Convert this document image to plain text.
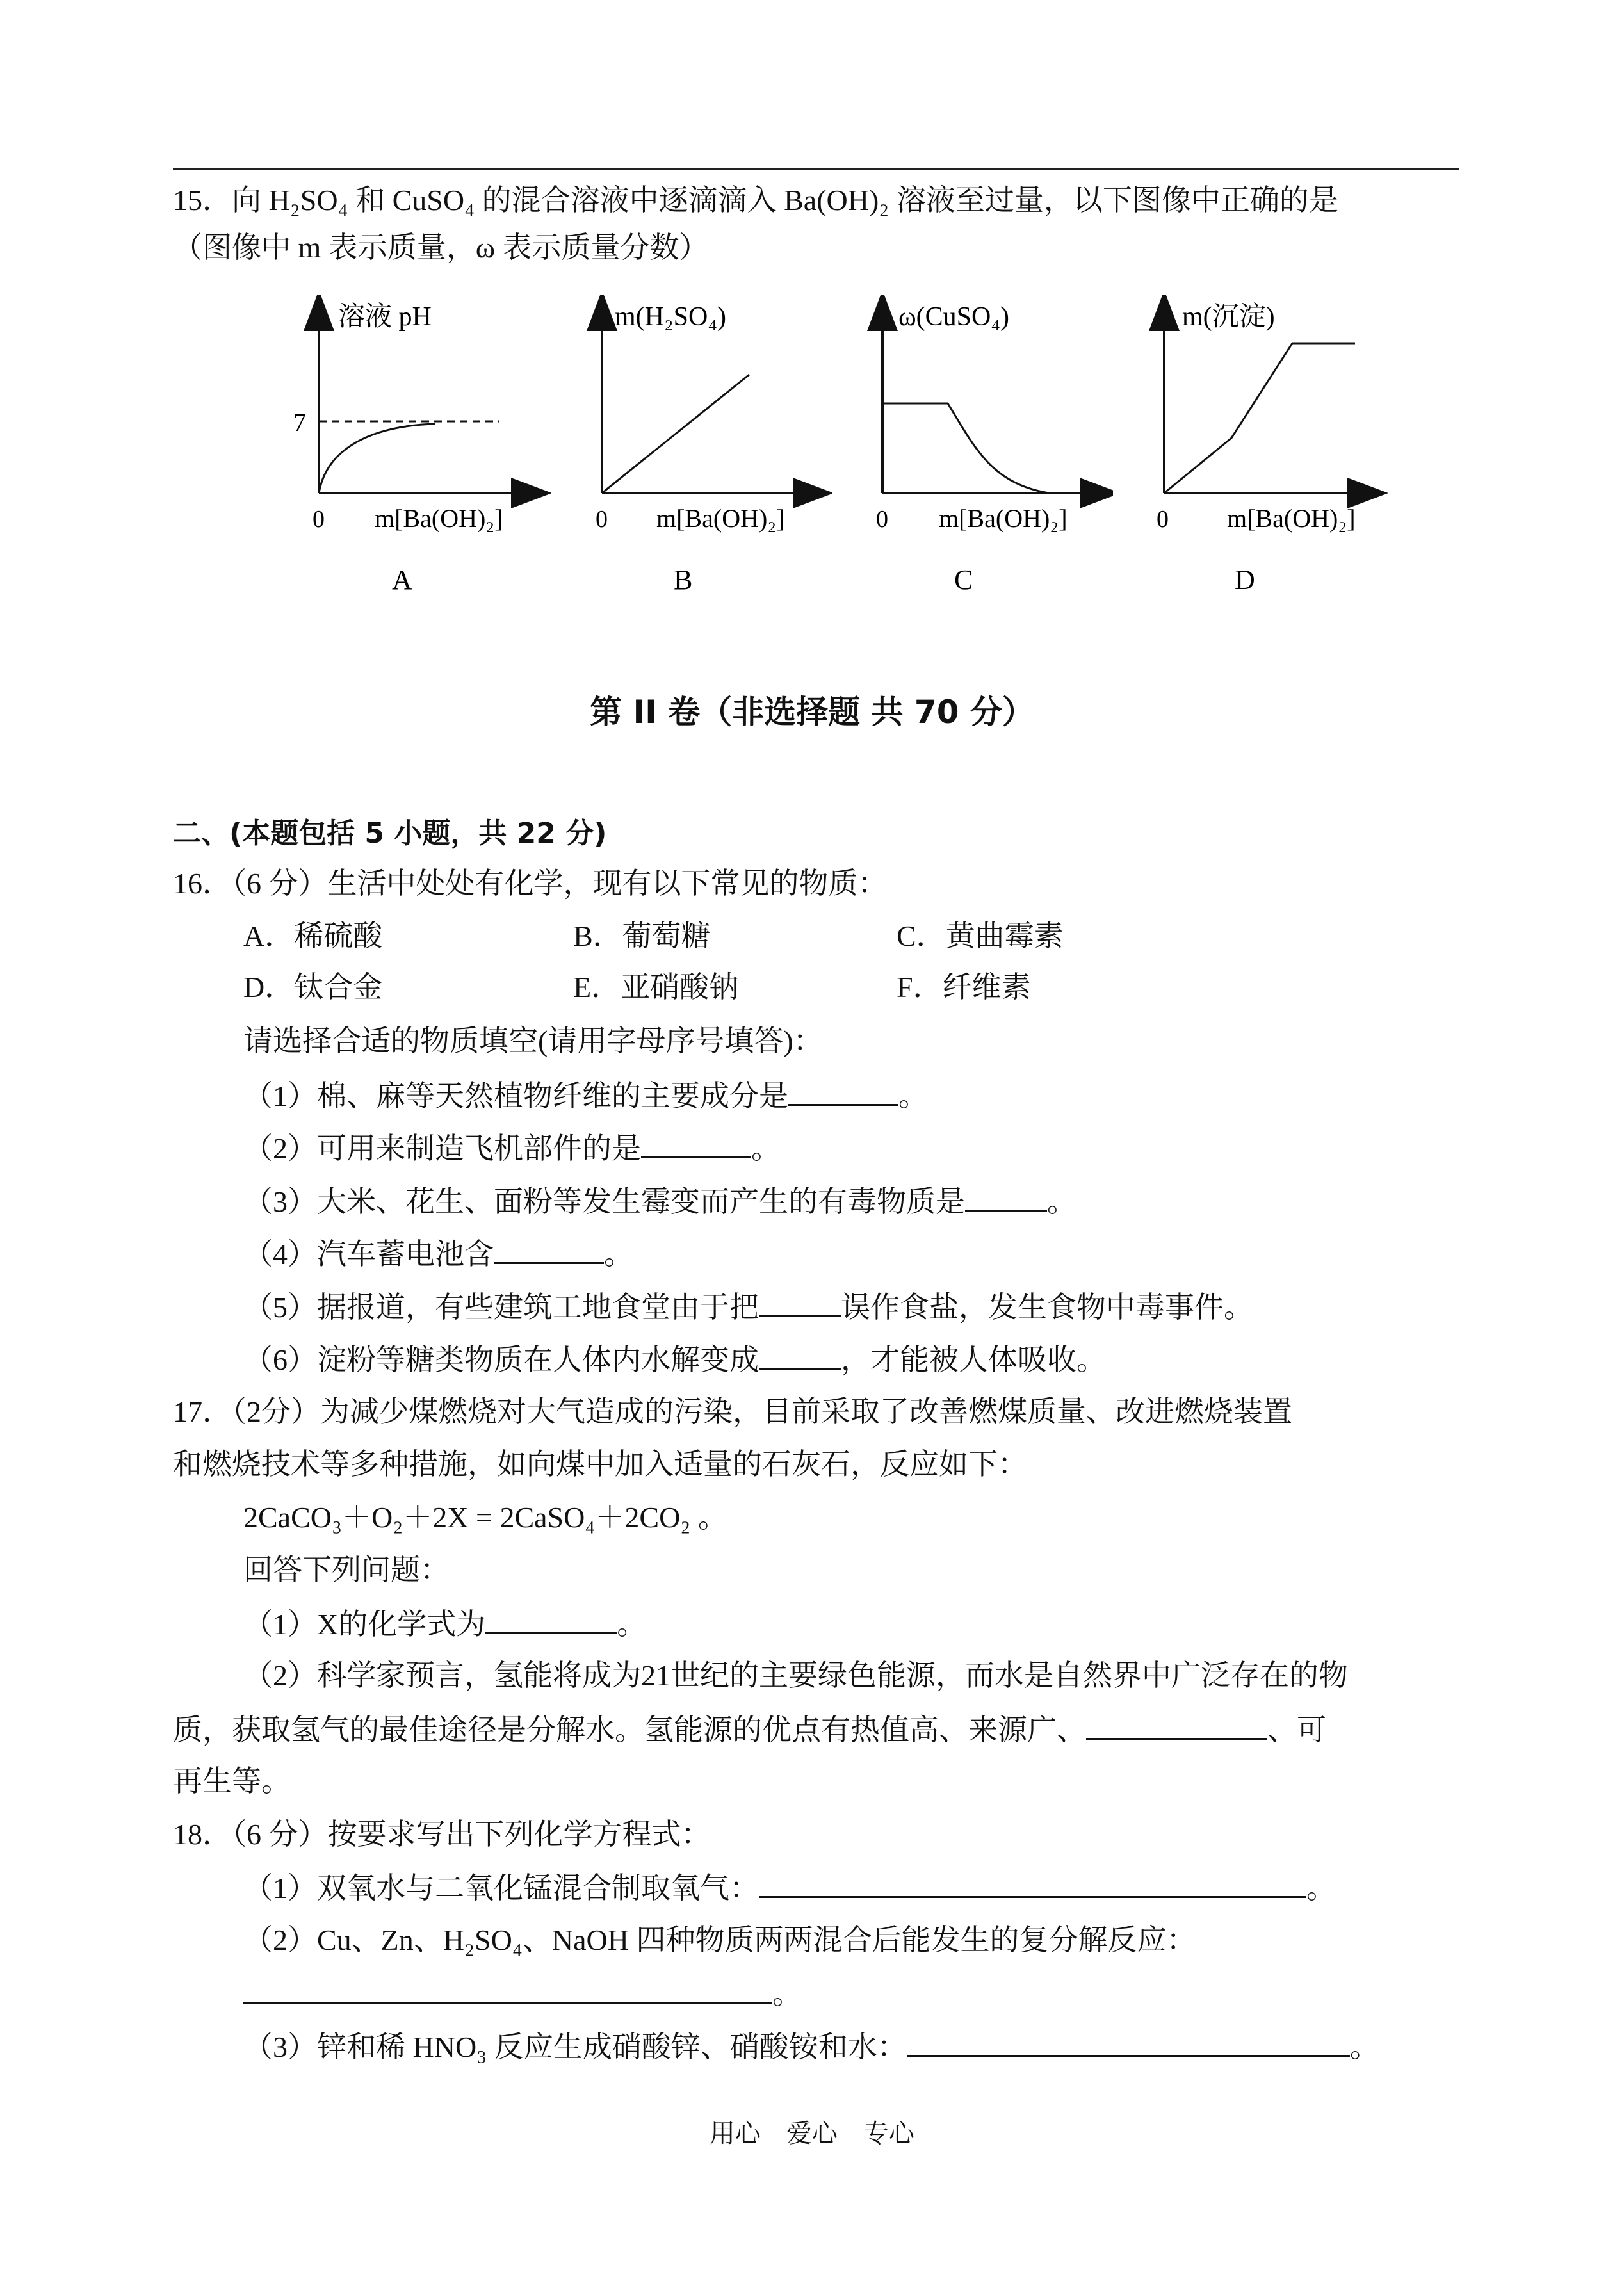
15．向 H₂SO₄ 和 CuSO₄ 的混合溶液中逐滴滴入 Ba(OH)₂ 溶液至过量，以下图像中正确的是
（图像中 m 表示质量，ω 表示质量分数）
溶液 pH
7
0 m[Ba(OH)₂]
A
m(H₂SO₄)
0 m[Ba(OH)₂]
B
ω(CuSO₄)
0 m[Ba(OH)₂]
C
m(沉淀)
0 m[Ba(OH)₂]
D
第 II 卷（非选择题 共 70 分）
二、(本题包括 5 小题，共 22 分)
16．（6 分）生活中处处有化学，现有以下常见的物质：
A．稀硫酸	B．葡萄糖	C．黄曲霉素
D．钛合金	E．亚硝酸钠	F．纤维素
请选择合适的物质填空(请用字母序号填答)：
（1）棉、麻等天然植物纤维的主要成分是	。
（2）可用来制造飞机部件的是	。
（3）大米、花生、面粉等发生霉变而产生的有毒物质是	。
（4）汽车蓄电池含	。
（5）据报道，有些建筑工地食堂由于把	误作食盐，发生食物中毒事件。
（6）淀粉等糖类物质在人体内水解变成	，才能被人体吸收。
17．（2分）为减少煤燃烧对大气造成的污染，目前采取了改善燃煤质量、改进燃烧装置
和燃烧技术等多种措施，如向煤中加入适量的石灰石，反应如下：
2CaCO₃＋O₂＋2X = 2CaSO₄＋2CO₂ 。
回答下列问题：
（1）X的化学式为	。
（2）科学家预言，氢能将成为21世纪的主要绿色能源，而水是自然界中广泛存在的物
质，获取氢气的最佳途径是分解水。氢能源的优点有热值高、来源广、	、可
再生等。
18．（6 分）按要求写出下列化学方程式：
（1）双氧水与二氧化锰混合制取氧气：	。
（2）Cu、Zn、H₂SO₄、NaOH 四种物质两两混合后能发生的复分解反应：
。
（3）锌和稀 HNO₃ 反应生成硝酸锌、硝酸铵和水：	。
用心　爱心　专心
